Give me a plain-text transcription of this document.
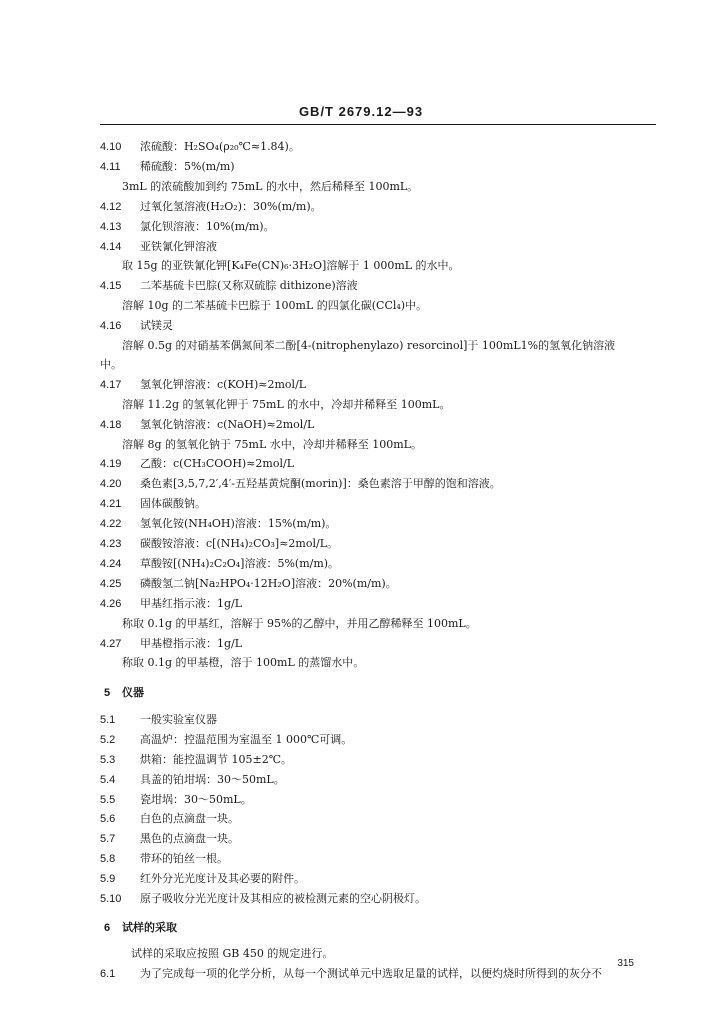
GB/T 2679.12—93
4.10 浓硫酸：H₂SO₄(ρ₂₀℃≈1.84)。
4.11 稀硫酸：5%(m/m)
3mL 的浓硫酸加到约 75mL 的水中，然后稀释至 100mL。
4.12 过氧化氢溶液(H₂O₂)：30%(m/m)。
4.13 氯化钡溶液：10%(m/m)。
4.14 亚铁氰化钾溶液
取 15g 的亚铁氰化钾[K₄Fe(CN)₆·3H₂O]溶解于 1 000mL 的水中。
4.15 二苯基硫卡巴腙(又称双硫腙 dithizone)溶液
溶解 10g 的二苯基硫卡巴腙于 100mL 的四氯化碳(CCl₄)中。
4.16 试镁灵
溶解 0.5g 的对硝基苯偶氮间苯二酚[4-(nitrophenylazo) resorcinol]于 100mL1%的氢氧化钠溶液
中。
4.17 氢氧化钾溶液：c(KOH)≈2mol/L
溶解 11.2g 的氢氧化钾于 75mL 的水中，冷却并稀释至 100mL。
4.18 氢氧化钠溶液：c(NaOH)≈2mol/L
溶解 8g 的氢氧化钠于 75mL 水中，冷却并稀释至 100mL。
4.19 乙酸：c(CH₃COOH)≈2mol/L
4.20 桑色素[3,5,7,2′,4′-五羟基黄烷酮(morin)]：桑色素溶于甲醇的饱和溶液。
4.21 固体碳酸钠。
4.22 氢氧化铵(NH₄OH)溶液：15%(m/m)。
4.23 碳酸铵溶液：c[(NH₄)₂CO₃]≈2mol/L。
4.24 草酸铵[(NH₄)₂C₂O₄]溶液：5%(m/m)。
4.25 磷酸氢二钠[Na₂HPO₄·12H₂O]溶液：20%(m/m)。
4.26 甲基红指示液：1g/L
称取 0.1g 的甲基红，溶解于 95%的乙醇中，并用乙醇稀释至 100mL。
4.27 甲基橙指示液：1g/L
称取 0.1g 的甲基橙，溶于 100mL 的蒸馏水中。
5 仪器
5.1 一般实验室仪器
5.2 高温炉：控温范围为室温至 1 000℃可调。
5.3 烘箱：能控温调节 105±2℃。
5.4 具盖的铂坩埚：30～50mL。
5.5 瓷坩埚：30～50mL。
5.6 白色的点滴盘一块。
5.7 黑色的点滴盘一块。
5.8 带环的铂丝一根。
5.9 红外分光光度计及其必要的附件。
5.10 原子吸收分光光度计及其相应的被检测元素的空心阴极灯。
6 试样的采取
试样的采取应按照 GB 450 的规定进行。
6.1 为了完成每一项的化学分析，从每一个测试单元中选取足量的试样，以便灼烧时所得到的灰分不
315
